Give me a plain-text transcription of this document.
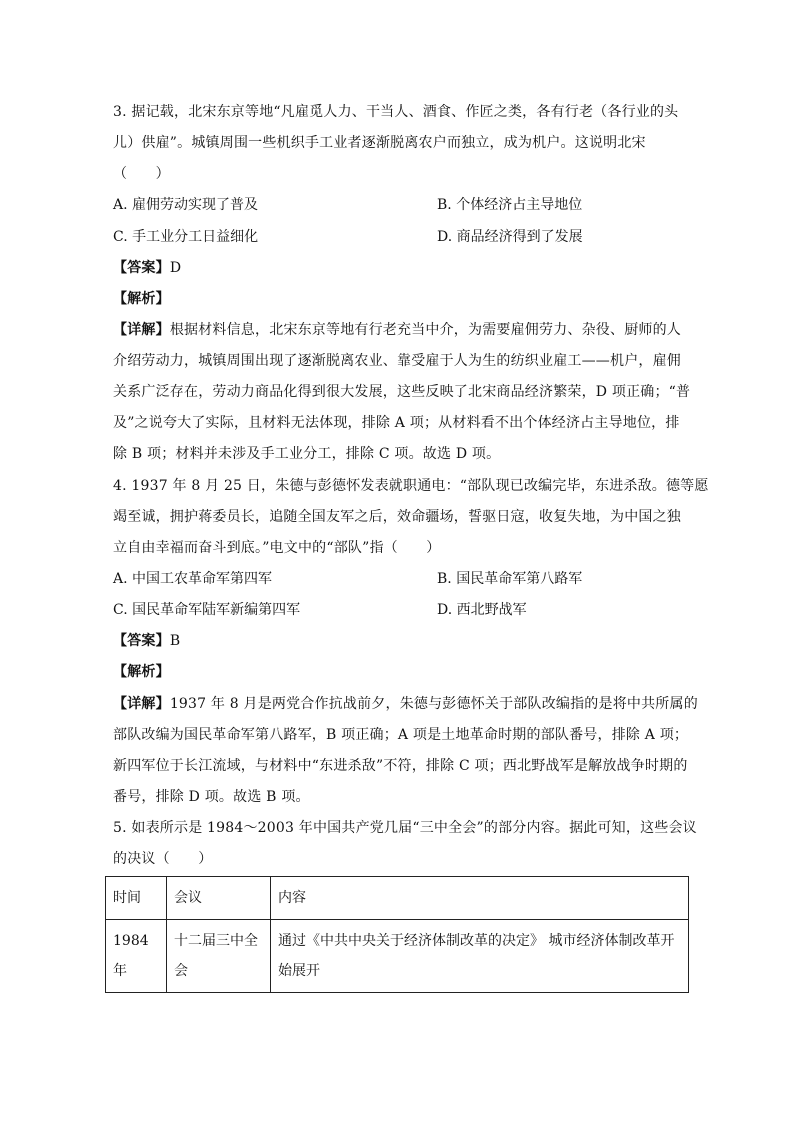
3. 据记载，北宋东京等地“凡雇觅人力、干当人、酒食、作匠之类，各有行老（各行业的头
儿）供雇”。城镇周围一些机织手工业者逐渐脱离农户而独立，成为机户。这说明北宋
（　　）
A. 雇佣劳动实现了普及	B. 个体经济占主导地位
C. 手工业分工日益细化	D. 商品经济得到了发展
【答案】D
【解析】
【详解】根据材料信息，北宋东京等地有行老充当中介，为需要雇佣劳力、杂役、厨师的人
介绍劳动力，城镇周围出现了逐渐脱离农业、靠受雇于人为生的纺织业雇工——机户，雇佣
关系广泛存在，劳动力商品化得到很大发展，这些反映了北宋商品经济繁荣，D 项正确；“普
及”之说夸大了实际，且材料无法体现，排除 A 项；从材料看不出个体经济占主导地位，排
除 B 项；材料并未涉及手工业分工，排除 C 项。故选 D 项。
4. 1937 年 8 月 25 日，朱德与彭德怀发表就职通电：“部队现已改编完毕，东进杀敌。德等愿
竭至诚，拥护蒋委员长，追随全国友军之后，效命疆场，誓驱日寇，收复失地，为中国之独
立自由幸福而奋斗到底。”电文中的“部队”指（　　）
A. 中国工农革命军第四军	B. 国民革命军第八路军
C. 国民革命军陆军新编第四军	D. 西北野战军
【答案】B
【解析】
【详解】1937 年 8 月是两党合作抗战前夕，朱德与彭德怀关于部队改编指的是将中共所属的
部队改编为国民革命军第八路军，B 项正确；A 项是土地革命时期的部队番号，排除 A 项；
新四军位于长江流域，与材料中“东进杀敌”不符，排除 C 项；西北野战军是解放战争时期的
番号，排除 D 项。故选 B 项。
5. 如表所示是 1984～2003 年中国共产党几届“三中全会”的部分内容。据此可知，这些会议
的决议（　　）
时间	会议	内容
1984年	十二届三中全会	通过《中共中央关于经济体制改革的决定》 城市经济体制改革开始展开
